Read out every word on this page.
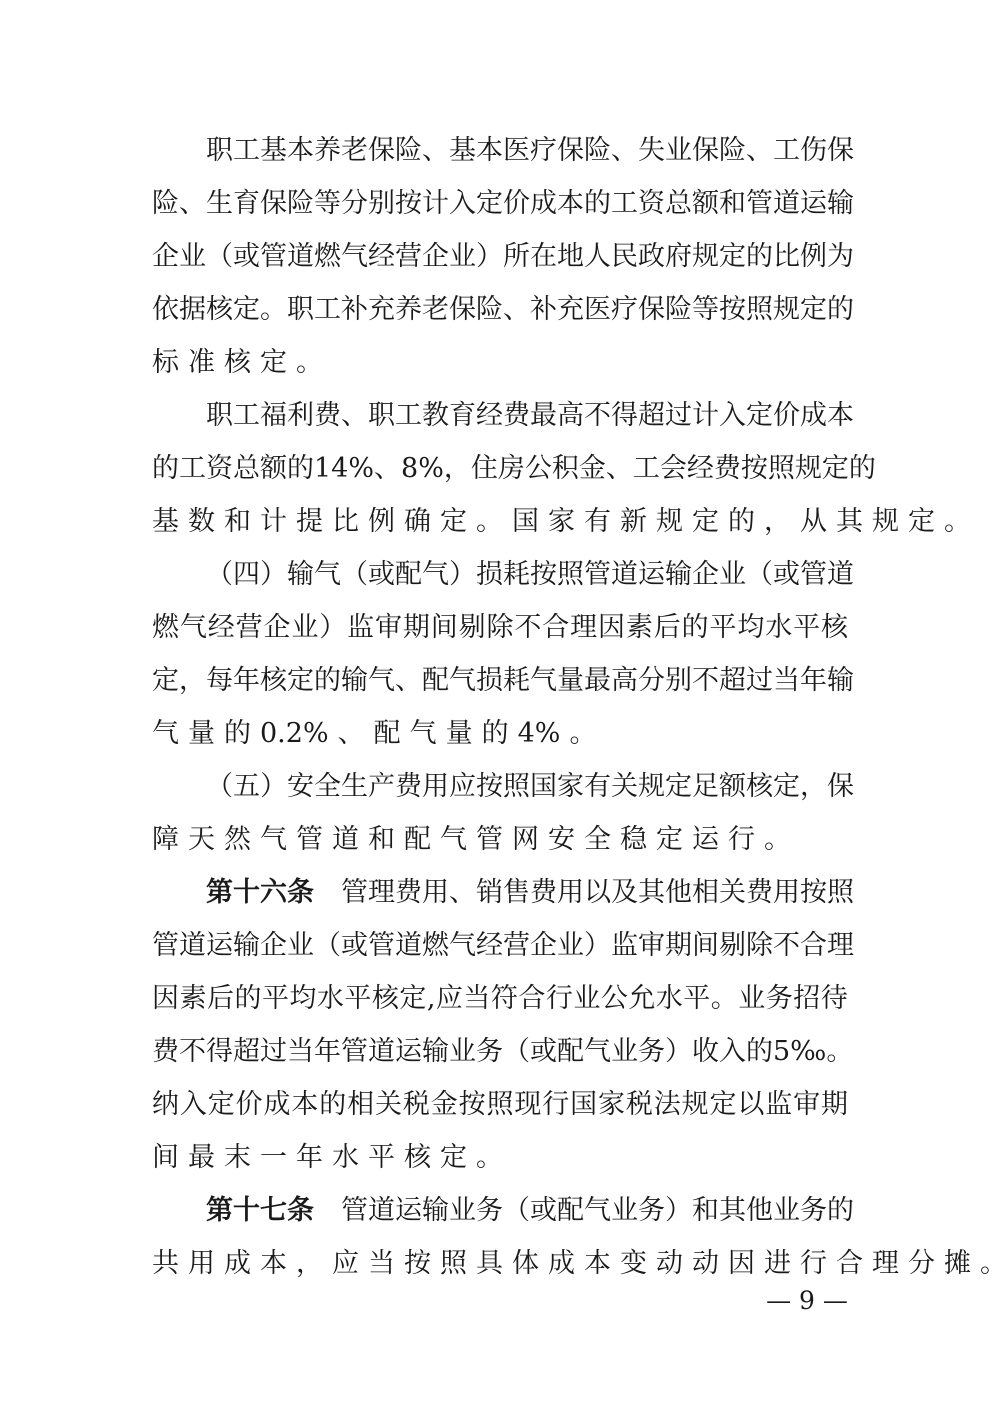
职 工 基 本 养 老 保 险 、 基 本 医 疗 保 险 、 失 业 保 险 、 工 伤 保
险 、 生 育 保 险 等 分 别 按 计 入 定 价 成 本 的 工 资 总 额 和 管 道 运 输
企 业 （ 或 管 道 燃 气 经 营 企 业 ） 所 在 地 人 民 政 府 规 定 的 比 例 为
依 据 核 定 。 职 工 补 充 养 老 保 险 、 补 充 医 疗 保 险 等 按 照 规 定 的
标 准 核 定 。
职 工 福 利 费 、 职 工 教 育 经 费 最 高 不 得 超 过 计 入 定 价 成 本
的 工 资 总 额 的 14% 、 8% ， 住 房 公 积 金 、 工 会 经 费 按 照 规 定 的
基 数 和 计 提 比 例 确 定 。 国 家 有 新 规 定 的 ， 从 其 规 定 。
（ 四 ） 输 气 （ 或 配 气 ） 损 耗 按 照 管 道 运 输 企 业 （ 或 管 道
燃 气 经 营 企 业 ） 监 审 期 间 剔 除 不 合 理 因 素 后 的 平 均 水 平 核
定 ， 每 年 核 定 的 输 气 、 配 气 损 耗 气 量 最 高 分 别 不 超 过 当 年 输
气 量 的 0.2% 、 配 气 量 的 4% 。
（ 五 ） 安 全 生 产 费 用 应 按 照 国 家 有 关 规 定 足 额 核 定 ， 保
障 天 然 气 管 道 和 配 气 管 网 安 全 稳 定 运 行 。
第 十 六 条
　 管 理 费 用 、 销 售 费 用 以 及 其 他 相 关 费 用 按 照
管 道 运 输 企 业 （ 或 管 道 燃 气 经 营 企 业 ） 监 审 期 间 剔 除 不 合 理
因 素 后 的 平 均 水 平 核 定 , 应 当 符 合 行 业 公 允 水 平 。 业 务 招 待
费 不 得 超 过 当 年 管 道 运 输 业 务 （ 或 配 气 业 务 ） 收 入 的 5‰ 。
纳 入 定 价 成 本 的 相 关 税 金 按 照 现 行 国 家 税 法 规 定 以 监 审 期
间 最 末 一 年 水 平 核 定 。
第 十 七 条
　 管 道 运 输 业 务 （ 或 配 气 业 务 ） 和 其 他 业 务 的
共 用 成 本 ， 应 当 按 照 具 体 成 本 变 动 动 因 进 行 合 理 分 摊 。
— 9 —
